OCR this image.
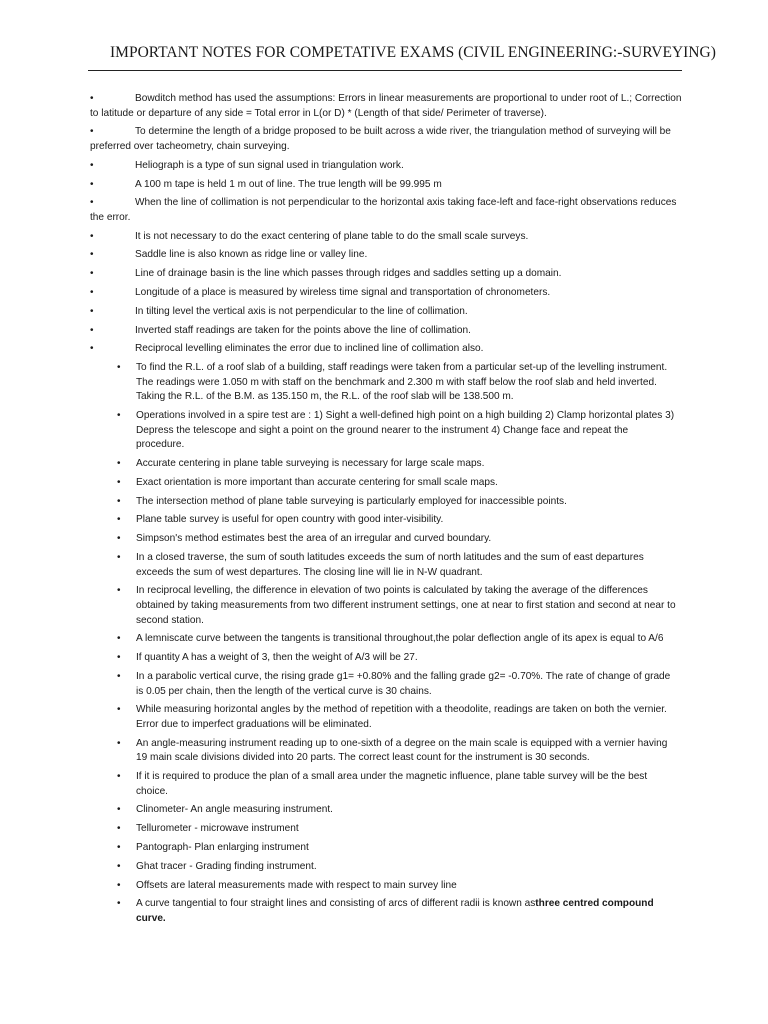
IMPORTANT NOTES FOR COMPETATIVE EXAMS (CIVIL ENGINEERING:-SURVEYING)
•	Bowditch method has used the assumptions: Errors in linear measurements are proportional to under root of L.; Correction to latitude or departure of any side = Total error in L(or D) * (Length of that side/ Perimeter of traverse).
•	To determine the length of a bridge proposed to be built across a wide river, the triangulation method of surveying will be preferred over tacheometry, chain surveying.
•	Heliograph is a type of sun signal used in triangulation work.
•	A 100 m tape is held 1 m out of line. The true length will be 99.995 m
•	When the line of collimation is not perpendicular to the horizontal axis taking face-left and face-right observations reduces the error.
•	It is not necessary to do the exact centering of plane table to do the small scale surveys.
•	Saddle line is also known as ridge line or valley line.
•	Line of drainage basin is the line which passes through ridges and saddles setting up a domain.
•	Longitude of a place is measured by wireless time signal and transportation of chronometers.
•	In tilting level the vertical axis is not perpendicular to the line of collimation.
•	Inverted staff readings are taken for the points above the line of collimation.
•	Reciprocal levelling eliminates the error due to inclined line of collimation also.
• To find the R.L. of a roof slab of a building, staff readings were taken from a particular set-up of the levelling instrument. The readings were 1.050 m with staff on the benchmark and 2.300 m with staff below the roof slab and held inverted. Taking the R.L. of the B.M. as 135.150 m, the R.L. of the roof slab will be 138.500 m.
• Operations involved in a spire test are : 1) Sight a well-defined high point on a high building 2) Clamp horizontal plates 3) Depress the telescope and sight a point on the ground nearer to the instrument 4) Change face and repeat the procedure.
• Accurate centering in plane table surveying is necessary for large scale maps.
• Exact orientation is more important than accurate centering for small scale maps.
• The intersection method of plane table surveying is particularly employed for inaccessible points.
• Plane table survey is useful for open country with good inter-visibility.
• Simpson's method estimates best the area of an irregular and curved boundary.
• In a closed traverse, the sum of south latitudes exceeds the sum of north latitudes and the sum of east departures exceeds the sum of west departures. The closing line will lie in N-W quadrant.
• In reciprocal levelling, the difference in elevation of two points is calculated by taking the average of the differences obtained by taking measurements from two different instrument settings, one at near to first station and second at near to second station.
• A lemniscate curve between the tangents is transitional throughout,the polar deflection angle of its apex is equal to A/6
• If quantity A has a weight of 3, then the weight of A/3 will be 27.
• In a parabolic vertical curve, the rising grade g1= +0.80% and the falling grade g2= -0.70%. The rate of change of grade is 0.05 per chain, then the length of the vertical curve is 30 chains.
• While measuring horizontal angles by the method of repetition with a theodolite, readings are taken on both the vernier. Error due to imperfect graduations will be eliminated.
• An angle-measuring instrument reading up to one-sixth of a degree on the main scale is equipped with a vernier having 19 main scale divisions divided into 20 parts. The correct least count for the instrument is 30 seconds.
• If it is required to produce the plan of a small area under the magnetic influence, plane table survey will be the best choice.
• Clinometer- An angle measuring instrument.
• Tellurometer - microwave instrument
• Pantograph- Plan enlarging instrument
• Ghat tracer - Grading finding instrument.
• Offsets are lateral measurements made with respect to main survey line
• A curve tangential to four straight lines and consisting of arcs of different radii is known asthree centred compound curve.
